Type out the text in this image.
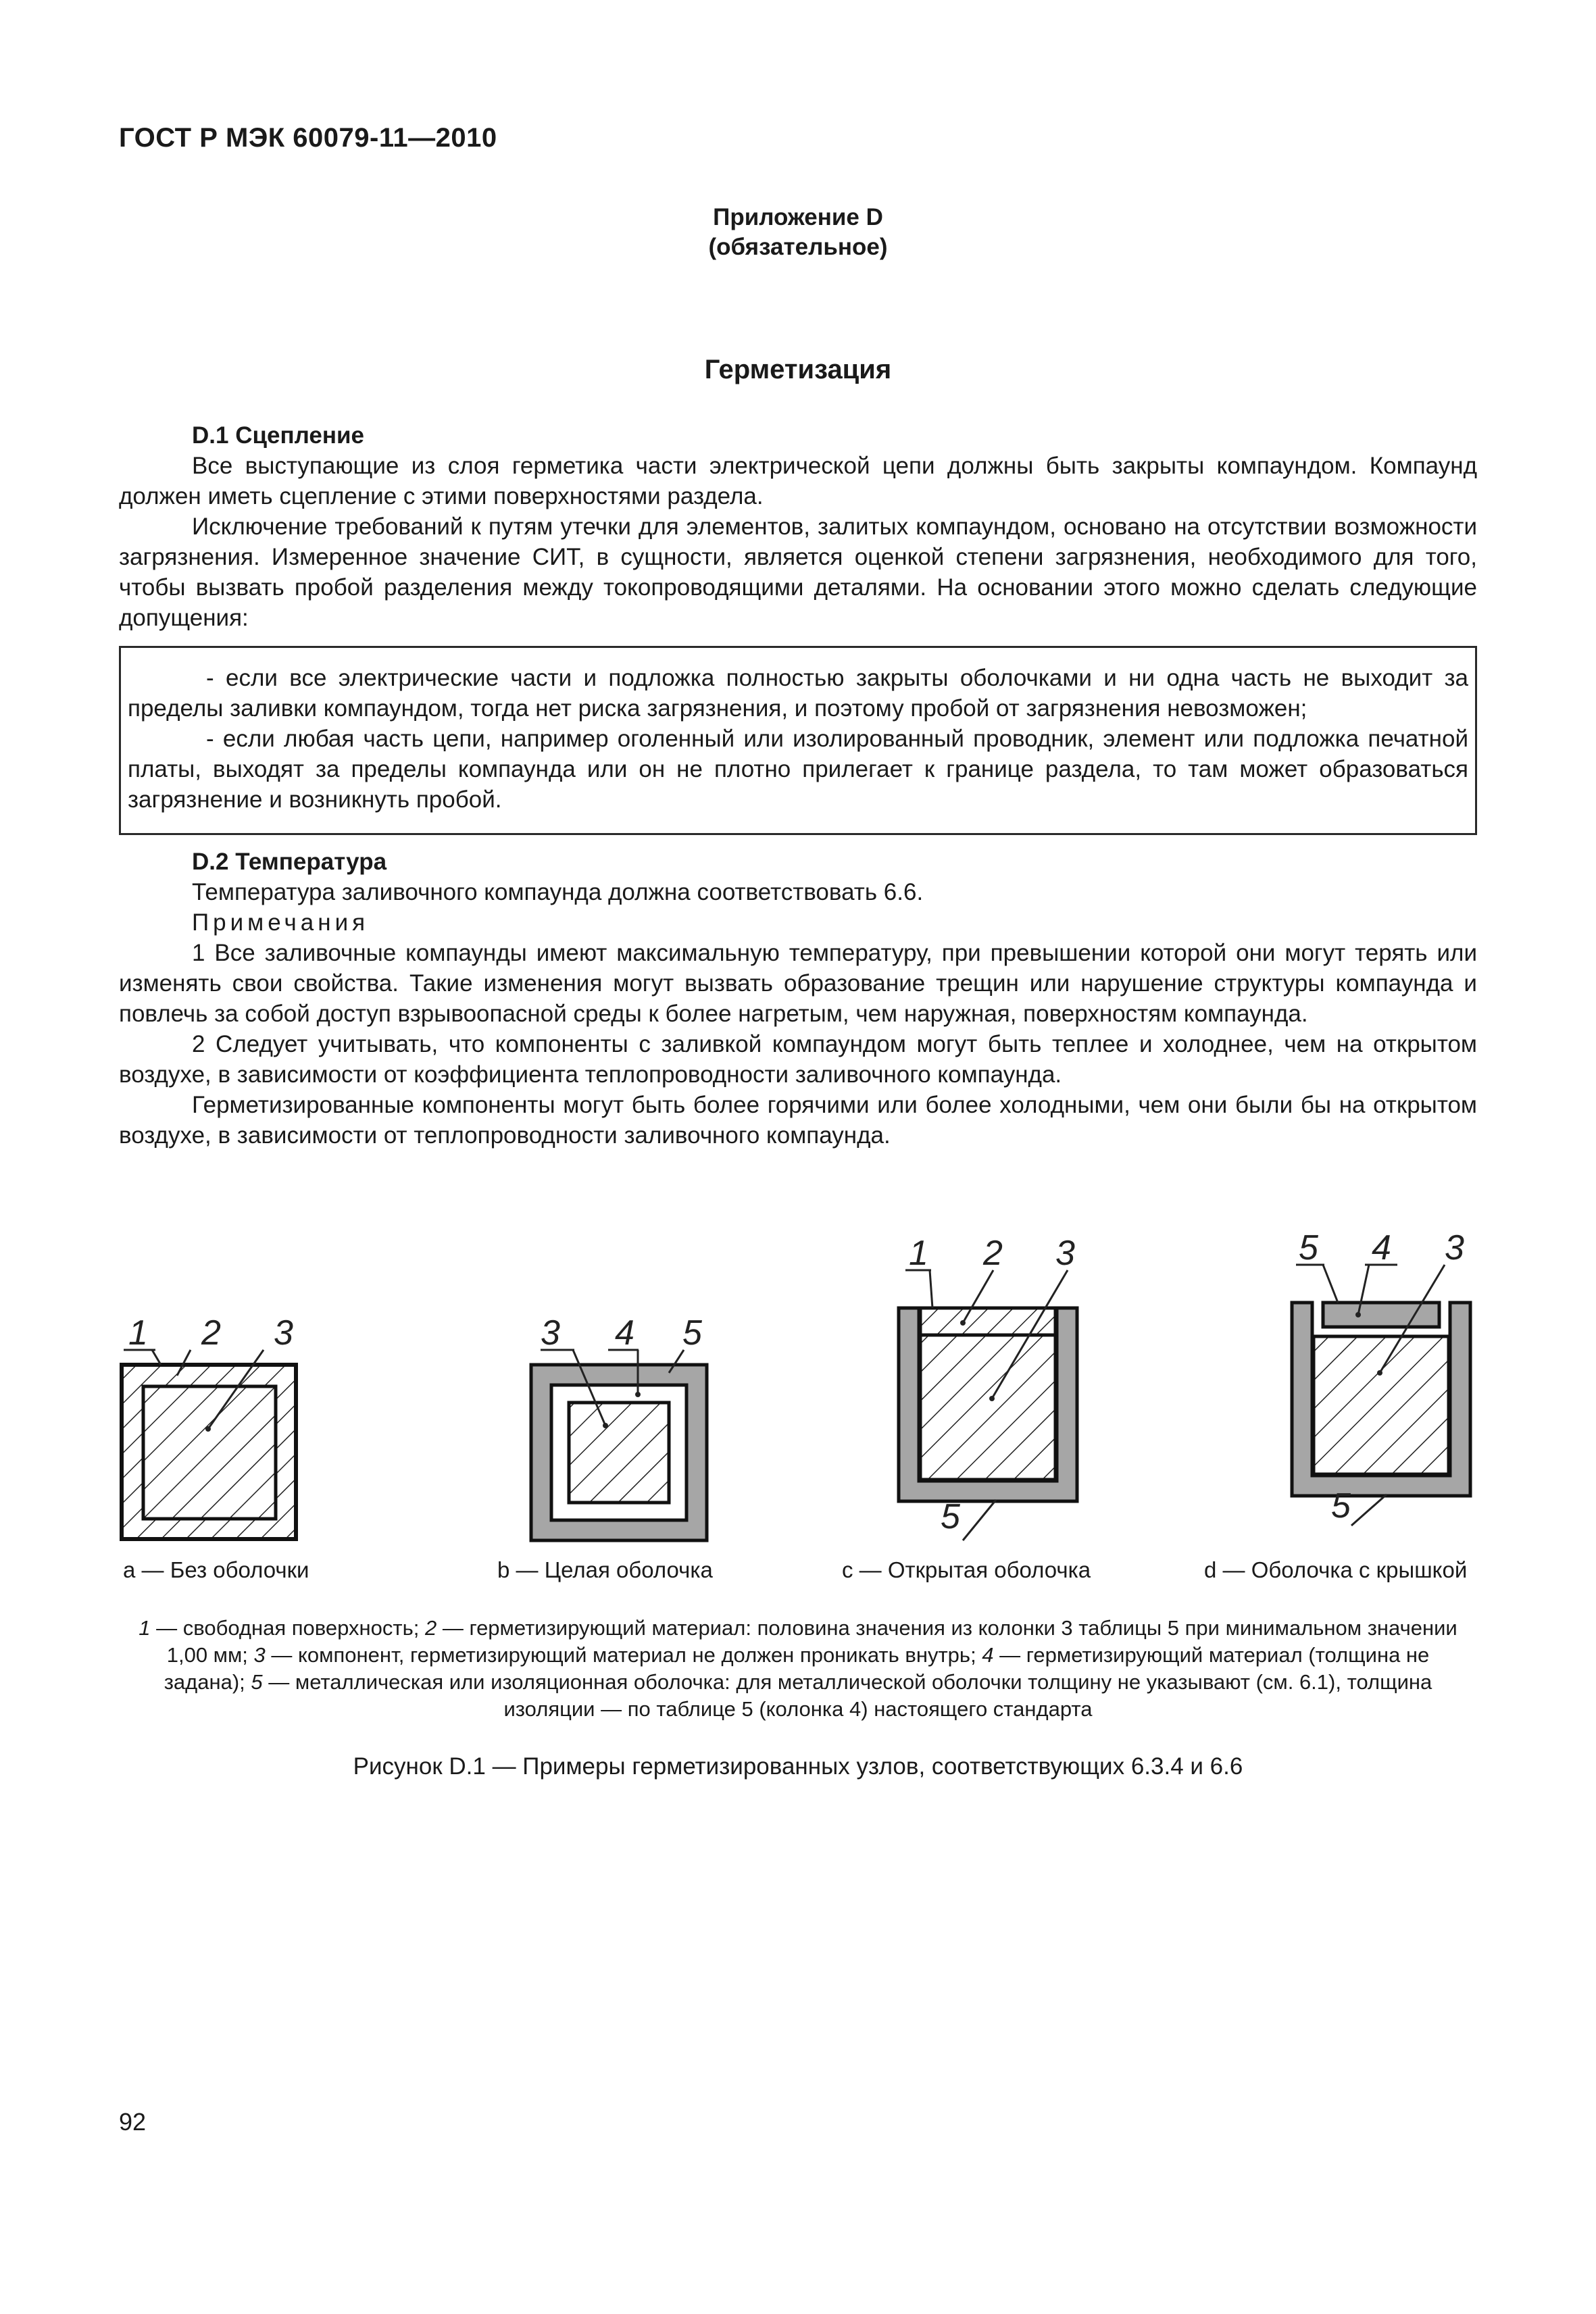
ГОСТ Р МЭК 60079-11—2010
Приложение D
(обязательное)
Герметизация

D.1 Сцепление

Все выступающие из слоя герметика части электрической цепи должны быть закрыты компаундом. Компаунд должен иметь сцепление с этими поверхностями раздела.

Исключение требований к путям утечки для элементов, залитых компаундом, основано на отсутствии возможности загрязнения. Измеренное значение СИТ, в сущности, является оценкой степени загрязнения, необходимого для того, чтобы вызвать пробой разделения между токопроводящими деталями. На основании этого можно сделать следующие допущения:

- если все электрические части и подложка полностью закрыты оболочками и ни одна часть не выходит за пределы заливки компаундом, тогда нет риска загрязнения, и поэтому пробой от загрязнения невозможен;

- если любая часть цепи, например оголенный или изолированный проводник, элемент или подложка печатной платы, выходят за пределы компаунда или он не плотно прилегает к границе раздела, то там может образоваться загрязнение и возникнуть пробой.

D.2 Температура

Температура заливочного компаунда должна соответствовать 6.6.

Примечания

1 Все заливочные компаунды имеют максимальную температуру, при превышении которой они могут терять или изменять свои свойства. Такие изменения могут вызвать образование трещин или нарушение структуры компаунда и повлечь за собой доступ взрывоопасной среды к более нагретым, чем наружная, поверхностям компаунда.

2 Следует учитывать, что компоненты с заливкой компаундом могут быть теплее и холоднее, чем на открытом воздухе, в зависимости от коэффициента теплопроводности заливочного компаунда.

Герметизированные компоненты могут быть более горячими или более холодными, чем они были бы на открытом воздухе, в зависимости от теплопроводности заливочного компаунда.

1 2 3	3 4 5
1 2 3
5
5 4 3
5
а — Без оболочки	b — Целая оболочка	c — Открытая оболочка	d — Оболочка с крышкой
1 — свободная поверхность; 2 — герметизирующий материал: половина значения из колонки 3 таблицы 5 при минимальном значении 1,00 мм; 3 — компонент, герметизирующий материал не должен проникать внутрь; 4 — герметизирующий материал (толщина не задана); 5 — металлическая или изоляционная оболочка: для металлической оболочки толщину не указывают (см. 6.1), толщина изоляции — по таблице 5 (колонка 4) настоящего стандарта
Рисунок D.1 — Примеры герметизированных узлов, соответствующих 6.3.4 и 6.6
92
